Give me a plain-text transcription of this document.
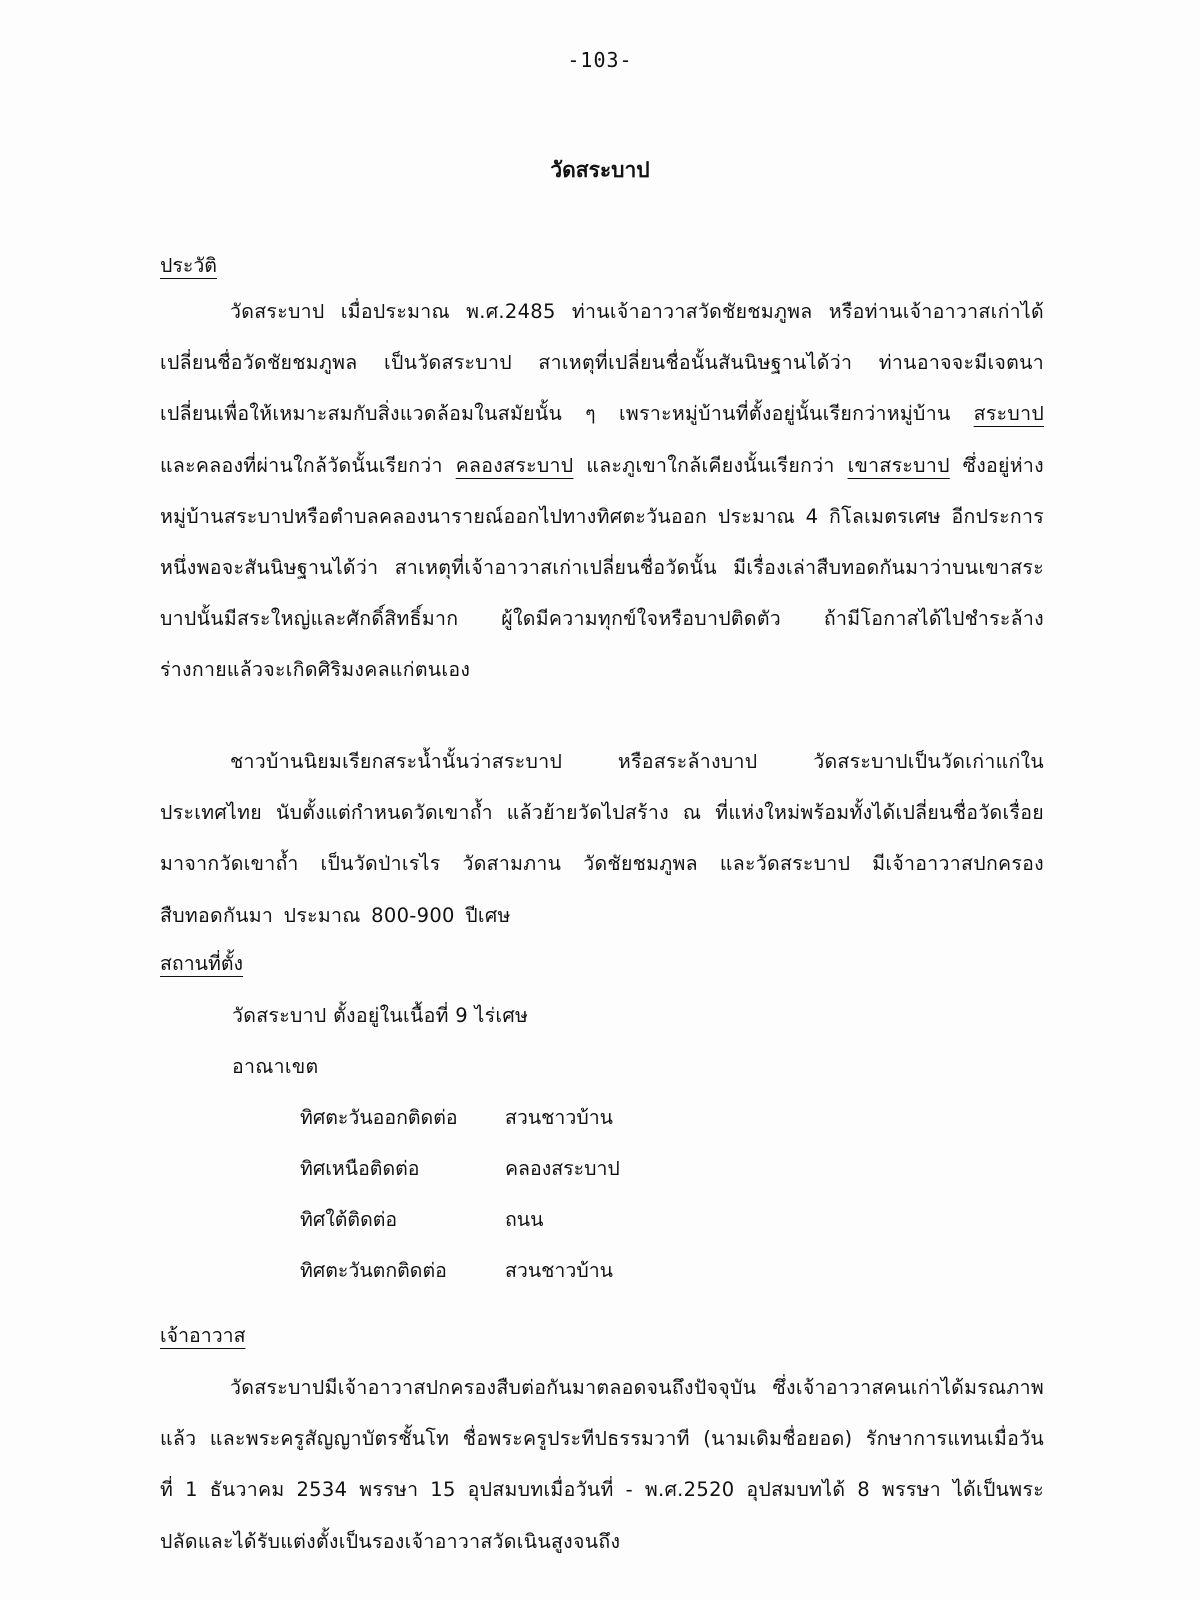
-103-
วัดสระบาป
ประวัติ
วัดสระบาป เมื่อประมาณ พ.ศ.2485 ท่านเจ้าอาวาสวัดชัยชมภูพล หรือท่านเจ้าอาวาสเก่าได้เปลี่ยนชื่อวัดชัยชมภูพล เป็นวัดสระบาป สาเหตุที่เปลี่ยนชื่อนั้นสันนิษฐานได้ว่า ท่านอาจจะมีเจตนาเปลี่ยนเพื่อให้เหมาะสมกับสิ่งแวดล้อมในสมัยนั้น ๆ เพราะหมู่บ้านที่ตั้งอยู่นั้นเรียกว่าหมู่บ้าน สระบาป และคลองที่ผ่านใกล้วัดนั้นเรียกว่า คลองสระบาป และภูเขาใกล้เคียงนั้นเรียกว่า เขาสระบาป ซึ่งอยู่ห่างหมู่บ้านสระบาปหรือตำบลคลองนารายณ์ออกไปทางทิศตะวันออก ประมาณ 4 กิโลเมตรเศษ อีกประการหนึ่งพอจะสันนิษฐานได้ว่า สาเหตุที่เจ้าอาวาสเก่าเปลี่ยนชื่อวัดนั้น มีเรื่องเล่าสืบทอดกันมาว่าบนเขาสระบาปนั้นมีสระใหญ่และศักดิ์สิทธิ์มาก ผู้ใดมีความทุกข์ใจหรือบาปติดตัว ถ้ามีโอกาสได้ไปชำระล้างร่างกายแล้วจะเกิดศิริมงคลแก่ตนเอง
ชาวบ้านนิยมเรียกสระน้ำนั้นว่าสระบาป หรือสระล้างบาป วัดสระบาปเป็นวัดเก่าแก่ในประเทศไทย นับตั้งแต่กำหนดวัดเขาถ้ำ แล้วย้ายวัดไปสร้าง ณ ที่แห่งใหม่พร้อมทั้งได้เปลี่ยนชื่อวัดเรื่อยมาจากวัดเขาถ้ำ เป็นวัดป่าเรไร วัดสามภาน วัดชัยชมภูพล และวัดสระบาป มีเจ้าอาวาสปกครองสืบทอดกันมา ประมาณ 800-900 ปีเศษ
สถานที่ตั้ง
วัดสระบาป ตั้งอยู่ในเนื้อที่ 9 ไร่เศษ
อาณาเขต
ทิศตะวันออกติดต่อ สวนชาวบ้าน
ทิศเหนือติดต่อ	คลองสระบาป
ทิศใต้ติดต่อ	ถนน
ทิศตะวันตกติดต่อ	สวนชาวบ้าน
เจ้าอาวาส
วัดสระบาปมีเจ้าอาวาสปกครองสืบต่อกันมาตลอดจนถึงปัจจุบัน ซึ่งเจ้าอาวาสคนเก่าได้มรณภาพแล้ว และพระครูสัญญาบัตรชั้นโท ชื่อพระครูประทีปธรรมวาที (นามเดิมชื่อยอด) รักษาการแทนเมื่อวันที่ 1 ธันวาคม 2534 พรรษา 15 อุปสมบทเมื่อวันที่ - พ.ศ.2520 อุปสมบทได้ 8 พรรษา ได้เป็นพระปลัดและได้รับแต่งตั้งเป็นรองเจ้าอาวาสวัดเนินสูงจนถึง
